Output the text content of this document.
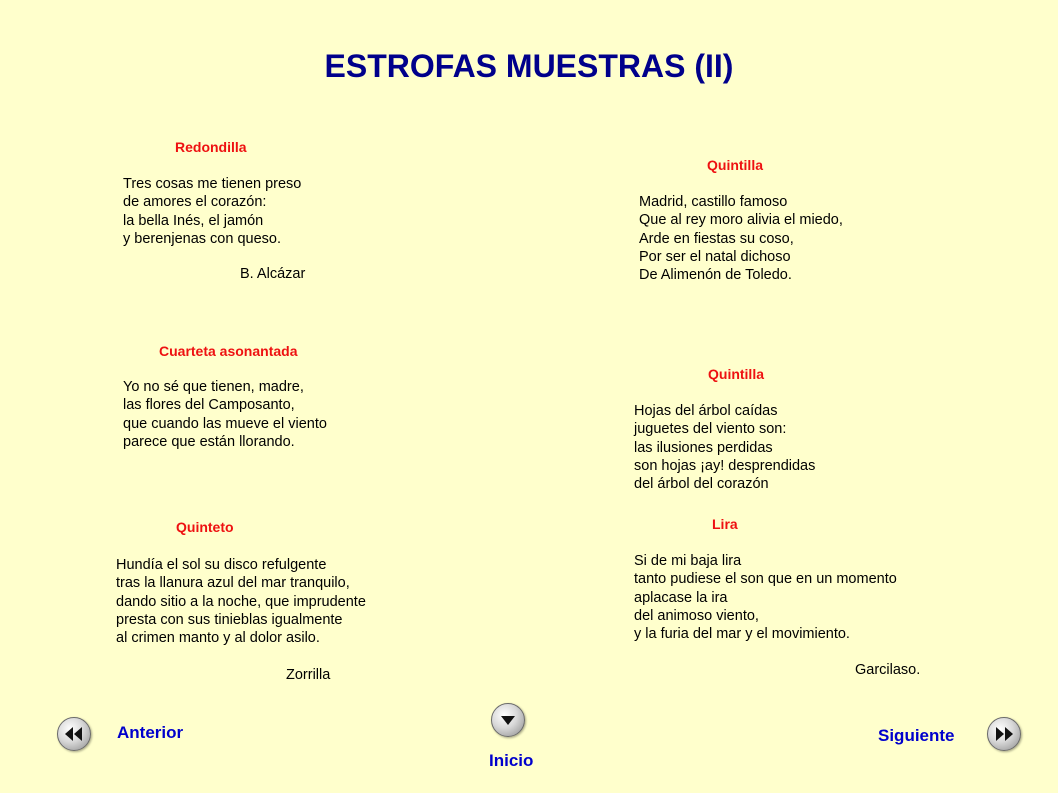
ESTROFAS MUESTRAS (II)
Redondilla
Tres cosas me tienen preso
de amores el corazón:
la bella Inés, el jamón
y berenjenas con queso.
B. Alcázar
Cuarteta asonantada
Yo no sé que tienen, madre,
las flores del Camposanto,
que cuando las mueve el viento
parece que están llorando.
Quinteto
Hundía el sol su disco refulgente
tras la llanura azul del mar tranquilo,
dando sitio a la noche, que imprudente
presta con sus tinieblas igualmente
al crimen manto y al dolor asilo.
Zorrilla
Quintilla
Madrid, castillo famoso
Que al rey moro alivia el miedo,
Arde en fiestas su coso,
Por ser el natal dichoso
De Alimenón de Toledo.
Quintilla
Hojas del árbol caídas
juguetes del viento son:
las ilusiones perdidas
son hojas ¡ay! desprendidas
del árbol del corazón
Lira
Si de mi baja lira
tanto pudiese el son que en un momento
aplacase la ira
del animoso viento,
y la furia del mar y el movimiento.
Garcilaso.
Anterior
Inicio
Siguiente
